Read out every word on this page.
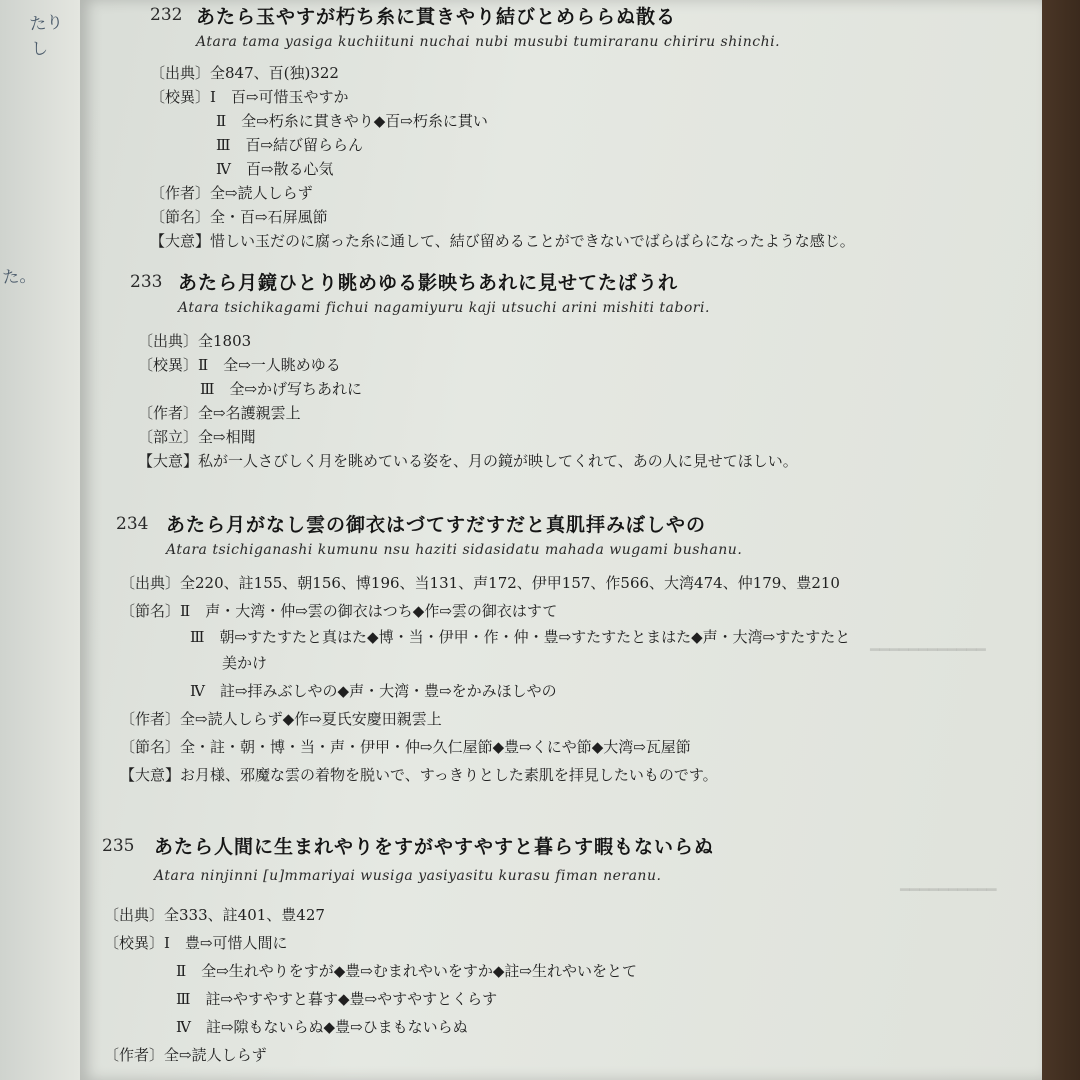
たりし
た。
━━━━━━━━━━━━
━━━━━━━━━━
232 あたら玉やすが朽ち糸に貫きやり結びとめららぬ散る
Atara tama yasiga kuchiituni nuchai nubi musubi tumiraranu chiriru shinchi.
〔出典〕全847、百(独)322
〔校異〕Ⅰ　百⇨可惜玉やすか
Ⅱ　全⇨朽糸に貫きやり◆百⇨朽糸に貫い
Ⅲ　百⇨結び留ららん
Ⅳ　百⇨散る心気
〔作者〕全⇨読人しらず
〔節名〕全・百⇨石屏風節
【大意】惜しい玉だのに腐った糸に通して、結び留めることができないでばらばらになったような感じ。
233 あたら月鏡ひとり眺めゆる影映ちあれに見せてたばうれ
Atara tsichikagami fichui nagamiyuru kaji utsuchi arini mishiti tabori.
〔出典〕全1803
〔校異〕Ⅱ　全⇨一人眺めゆる
Ⅲ　全⇨かげ写ちあれに
〔作者〕全⇨名護親雲上
〔部立〕全⇨相聞
【大意】私が一人さびしく月を眺めている姿を、月の鏡が映してくれて、あの人に見せてほしい。
234 あたら月がなし雲の御衣はづてすだすだと真肌拝みぼしやの
Atara tsichiganashi kumunu nsu haziti sidasidatu mahada wugami bushanu.
〔出典〕全220、註155、朝156、博196、当131、声172、伊甲157、作566、大湾474、仲179、豊210
〔節名〕Ⅱ　声・大湾・仲⇨雲の御衣はつち◆作⇨雲の御衣はすて
Ⅲ　朝⇨すたすたと真はた◆博・当・伊甲・作・仲・豊⇨すたすたとまはた◆声・大湾⇨すたすたと
美かけ
Ⅳ　註⇨拝みぶしやの◆声・大湾・豊⇨をかみほしやの
〔作者〕全⇨読人しらず◆作⇨夏氏安慶田親雲上
〔節名〕全・註・朝・博・当・声・伊甲・仲⇨久仁屋節◆豊⇨くにや節◆大湾⇨瓦屋節
【大意】お月様、邪魔な雲の着物を脱いで、すっきりとした素肌を拝見したいものです。
235 あたら人間に生まれやりをすがやすやすと暮らす暇もないらぬ
Atara ninjinni [u]mmariyai wusiga yasiyasitu kurasu fiman neranu.
〔出典〕全333、註401、豊427
〔校異〕Ⅰ　豊⇨可惜人間に
Ⅱ　全⇨生れやりをすが◆豊⇨むまれやいをすか◆註⇨生れやいをとて
Ⅲ　註⇨やすやすと暮す◆豊⇨やすやすとくらす
Ⅳ　註⇨隙もないらぬ◆豊⇨ひまもないらぬ
〔作者〕全⇨読人しらず
